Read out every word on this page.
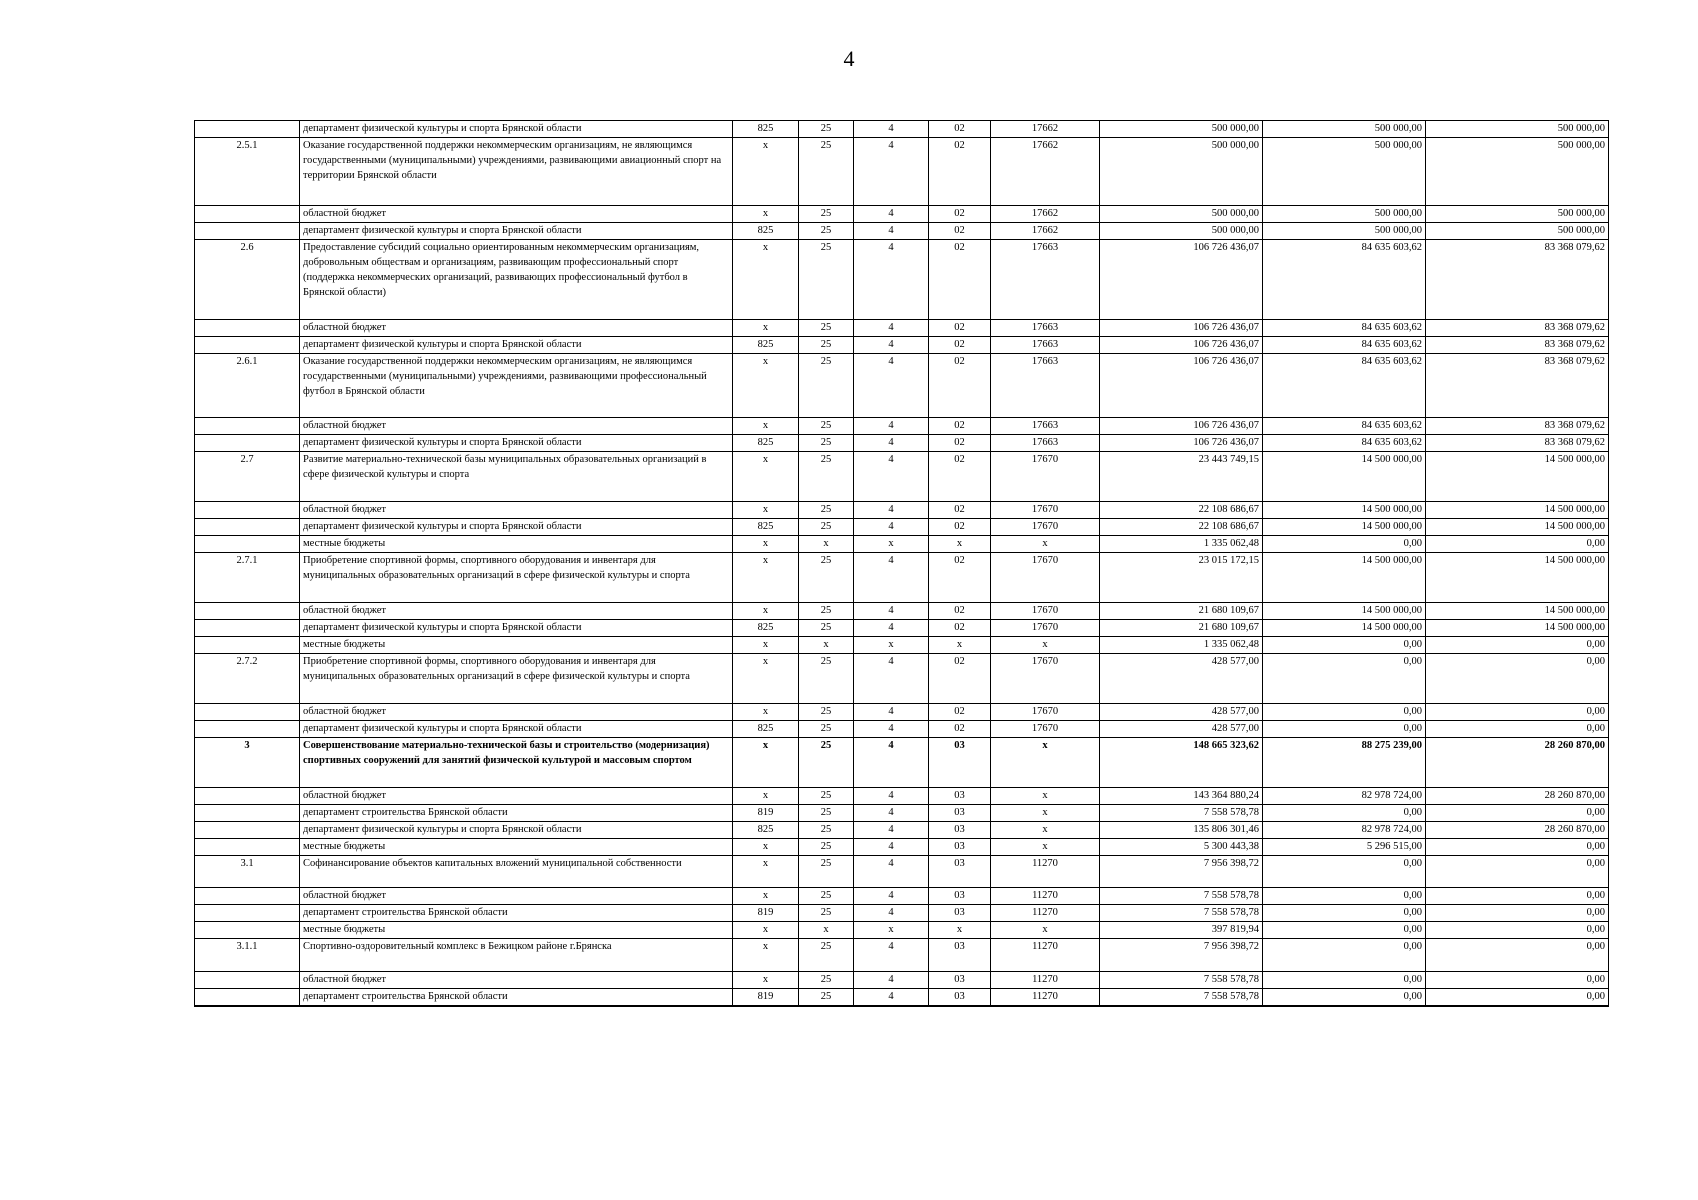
4
	департамент физической культуры и спорта Брянской области	825	25	4	02	17662	500 000,00	500 000,00	500 000,00
2.5.1	Оказание государственной поддержки некоммерческим организациям, не являющимся государственными (муниципальными) учреждениями, развивающими авиационный спорт на территории Брянской области	x	25	4	02	17662	500 000,00	500 000,00	500 000,00
	областной бюджет	x	25	4	02	17662	500 000,00	500 000,00	500 000,00
	департамент физической культуры и спорта Брянской области	825	25	4	02	17662	500 000,00	500 000,00	500 000,00
2.6	Предоставление субсидий социально ориентированным некоммерческим организациям, добровольным обществам и организациям, развивающим профессиональный спорт (поддержка некоммерческих организаций, развивающих профессиональный футбол в Брянской области)	x	25	4	02	17663	106 726 436,07	84 635 603,62	83 368 079,62
	областной бюджет	x	25	4	02	17663	106 726 436,07	84 635 603,62	83 368 079,62
	департамент физической культуры и спорта Брянской области	825	25	4	02	17663	106 726 436,07	84 635 603,62	83 368 079,62
2.6.1	Оказание государственной поддержки некоммерческим организациям, не являющимся государственными (муниципальными) учреждениями, развивающими профессиональный футбол в Брянской области	x	25	4	02	17663	106 726 436,07	84 635 603,62	83 368 079,62
	областной бюджет	x	25	4	02	17663	106 726 436,07	84 635 603,62	83 368 079,62
	департамент физической культуры и спорта Брянской области	825	25	4	02	17663	106 726 436,07	84 635 603,62	83 368 079,62
2.7	Развитие материально-технической базы муниципальных образовательных организаций в сфере физической культуры и спорта	x	25	4	02	17670	23 443 749,15	14 500 000,00	14 500 000,00
	областной бюджет	x	25	4	02	17670	22 108 686,67	14 500 000,00	14 500 000,00
	департамент физической культуры и спорта Брянской области	825	25	4	02	17670	22 108 686,67	14 500 000,00	14 500 000,00
	местные бюджеты	x	x	x	x	x	1 335 062,48	0,00	0,00
2.7.1	Приобретение спортивной формы, спортивного оборудования и инвентаря для муниципальных образовательных организаций в сфере физической культуры и спорта	x	25	4	02	17670	23 015 172,15	14 500 000,00	14 500 000,00
	областной бюджет	x	25	4	02	17670	21 680 109,67	14 500 000,00	14 500 000,00
	департамент физической культуры и спорта Брянской области	825	25	4	02	17670	21 680 109,67	14 500 000,00	14 500 000,00
	местные бюджеты	x	x	x	x	x	1 335 062,48	0,00	0,00
2.7.2	Приобретение спортивной формы, спортивного оборудования и инвентаря для муниципальных образовательных организаций в сфере физической культуры и спорта	x	25	4	02	17670	428 577,00	0,00	0,00
	областной бюджет	x	25	4	02	17670	428 577,00	0,00	0,00
	департамент физической культуры и спорта Брянской области	825	25	4	02	17670	428 577,00	0,00	0,00
3	Совершенствование материально-технической базы и строительство (модернизация) спортивных сооружений для занятий физической культурой и массовым спортом	x	25	4	03	x	148 665 323,62	88 275 239,00	28 260 870,00
	областной бюджет	x	25	4	03	x	143 364 880,24	82 978 724,00	28 260 870,00
	департамент строительства Брянской области	819	25	4	03	x	7 558 578,78	0,00	0,00
	департамент физической культуры и спорта Брянской области	825	25	4	03	x	135 806 301,46	82 978 724,00	28 260 870,00
	местные бюджеты	x	25	4	03	x	5 300 443,38	5 296 515,00	0,00
3.1	Софинансирование объектов капитальных вложений муниципальной собственности	x	25	4	03	11270	7 956 398,72	0,00	0,00
	областной бюджет	x	25	4	03	11270	7 558 578,78	0,00	0,00
	департамент строительства Брянской области	819	25	4	03	11270	7 558 578,78	0,00	0,00
	местные бюджеты	x	x	x	x	x	397 819,94	0,00	0,00
3.1.1	Спортивно-оздоровительный комплекс в Бежицком районе г.Брянска	x	25	4	03	11270	7 956 398,72	0,00	0,00
	областной бюджет	x	25	4	03	11270	7 558 578,78	0,00	0,00
	департамент строительства Брянской области	819	25	4	03	11270	7 558 578,78	0,00	0,00
